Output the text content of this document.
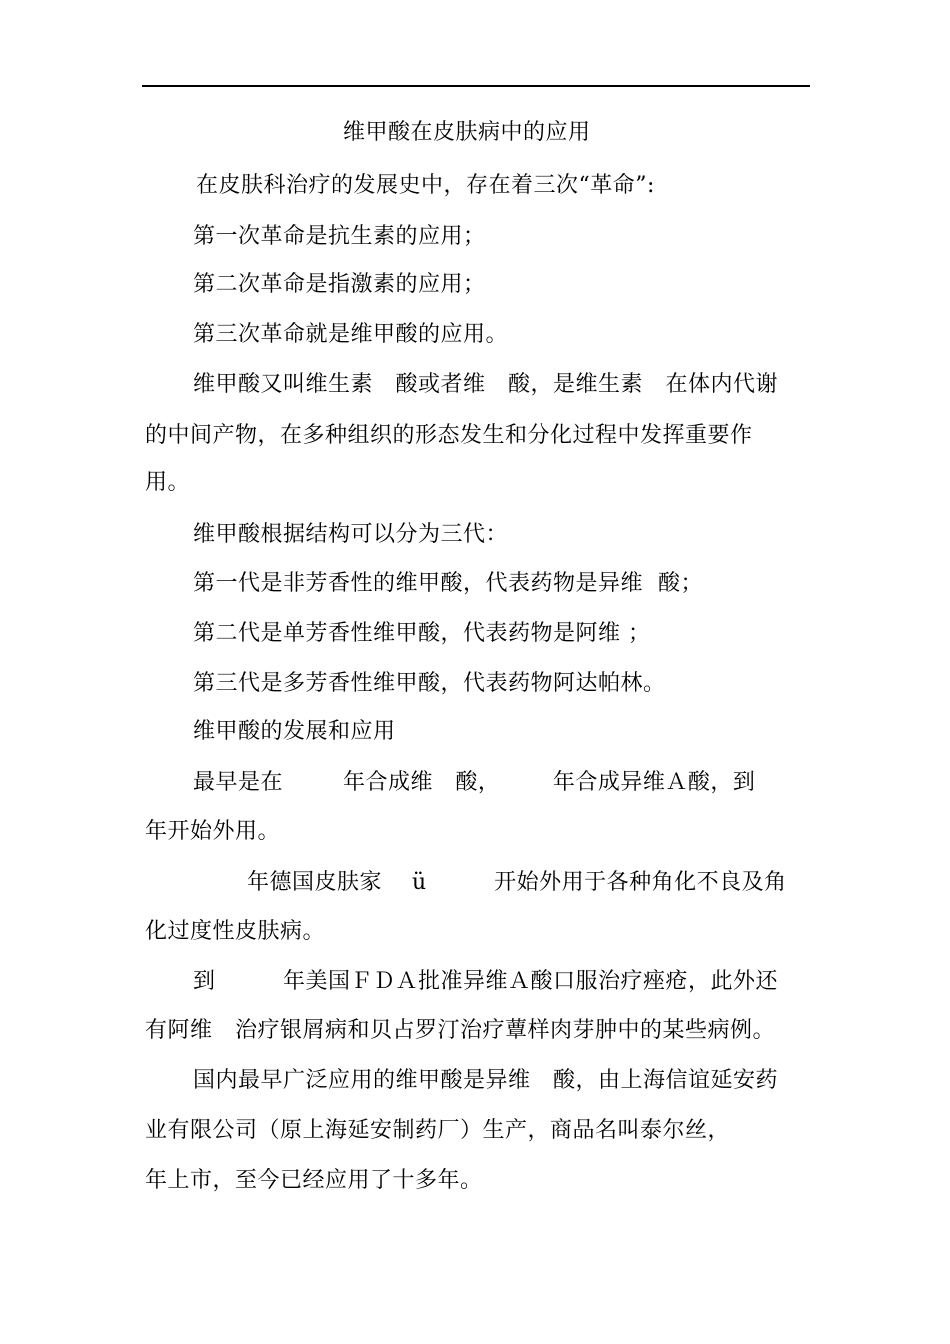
维甲酸在皮肤病中的应用
在皮肤科治疗的发展史中，存在着三次“革命”:
第一次革命是抗生素的应用；
第二次革命是指激素的应用；
第三次革命就是维甲酸的应用。
维甲酸又叫维生素   酸或者维   酸，是维生素   在体内代谢
的中间产物，在多种组织的形态发生和分化过程中发挥重要作
用。
维甲酸根据结构可以分为三代：
第一代是非芳香性的维甲酸，代表药物是异维  酸；
第二代是单芳香性维甲酸，代表药物是阿维 ；
第三代是多芳香性维甲酸，代表药物阿达帕林。
维甲酸的发展和应用
最早是在        年合成维   酸，       年合成异维Ａ酸，到
年开始外用。
年德国皮肤家    ü         开始外用于各种角化不良及角
化过度性皮肤病。
到         年美国ＦＤＡ批准异维Ａ酸口服治疗痤疮，此外还
有阿维   治疗银屑病和贝占罗汀治疗蕈样肉芽肿中的某些病例。
国内最早广泛应用的维甲酸是异维   酸，由上海信谊延安药
业有限公司（原上海延安制药厂）生产，商品名叫泰尔丝，
年上市，至今已经应用了十多年。
